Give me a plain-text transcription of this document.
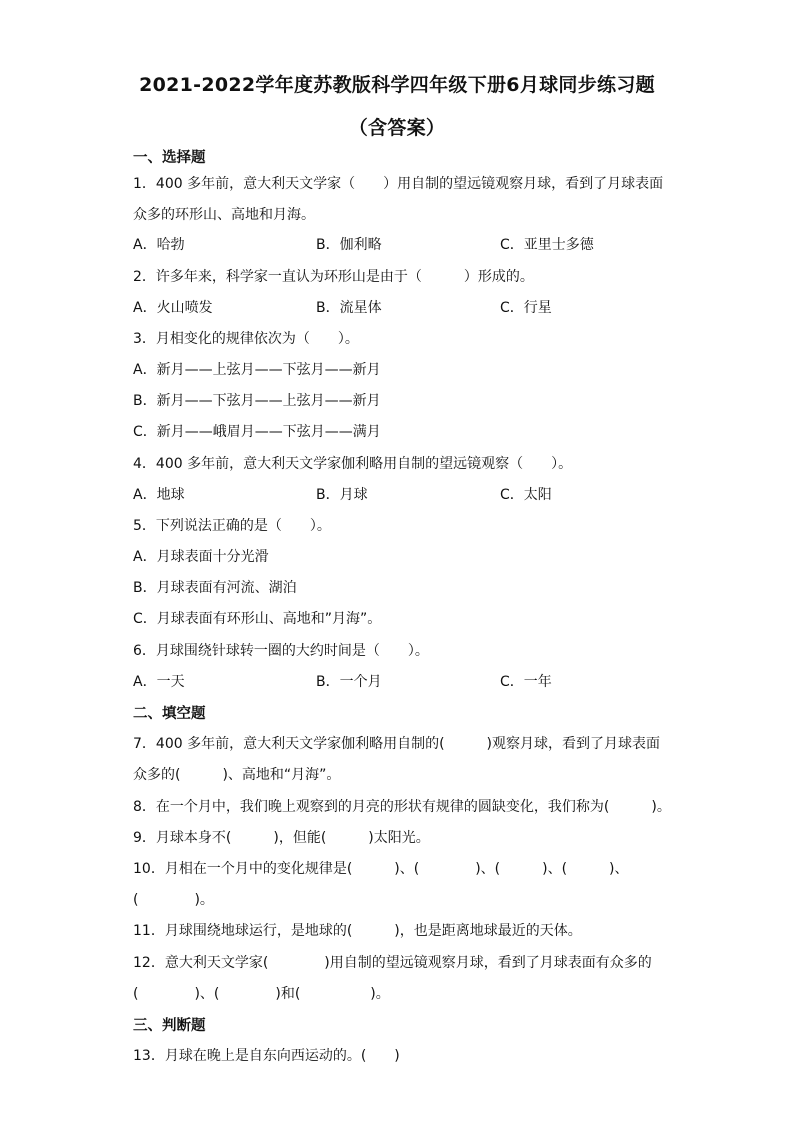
2021-2022学年度苏教版科学四年级下册6月球同步练习题
（含答案）
一、选择题
1．400 多年前，意大利天文学家（　　）用自制的望远镜观察月球，看到了月球表面
众多的环形山、高地和月海。
A．哈勃	B．伽利略	C．亚里士多德
2．许多年来，科学家一直认为环形山是由于（　　　）形成的。
A．火山喷发	B．流星体	C．行星
3．月相变化的规律依次为（　　）。
A．新月——上弦月——下弦月——新月
B．新月——下弦月——上弦月——新月
C．新月——峨眉月——下弦月——满月
4．400 多年前，意大利天文学家伽利略用自制的望远镜观察（　　）。
A．地球	B．月球	C．太阳
5．下列说法正确的是（　　）。
A．月球表面十分光滑
B．月球表面有河流、湖泊
C．月球表面有环形山、高地和”月海”。
6．月球围绕针球转一圈的大约时间是（　　）。
A．一天	B．一个月	C．一年
二、填空题
7．400 多年前，意大利天文学家伽利略用自制的(　　　)观察月球，看到了月球表面
众多的(　　　)、高地和“月海”。
8．在一个月中，我们晚上观察到的月亮的形状有规律的圆缺变化，我们称为(　　　)。
9．月球本身不(　　　)，但能(　　　)太阳光。
10．月相在一个月中的变化规律是(　　　)、(　　　　)、(　　　)、(　　　)、
(　　　　)。
11．月球围绕地球运行，是地球的(　　　)，也是距离地球最近的天体。
12．意大利天文学家(　　　　)用自制的望远镜观察月球，看到了月球表面有众多的
(　　　　)、(　　　　)和(　　　　　)。
三、判断题
13．月球在晚上是自东向西运动的。(　　)
